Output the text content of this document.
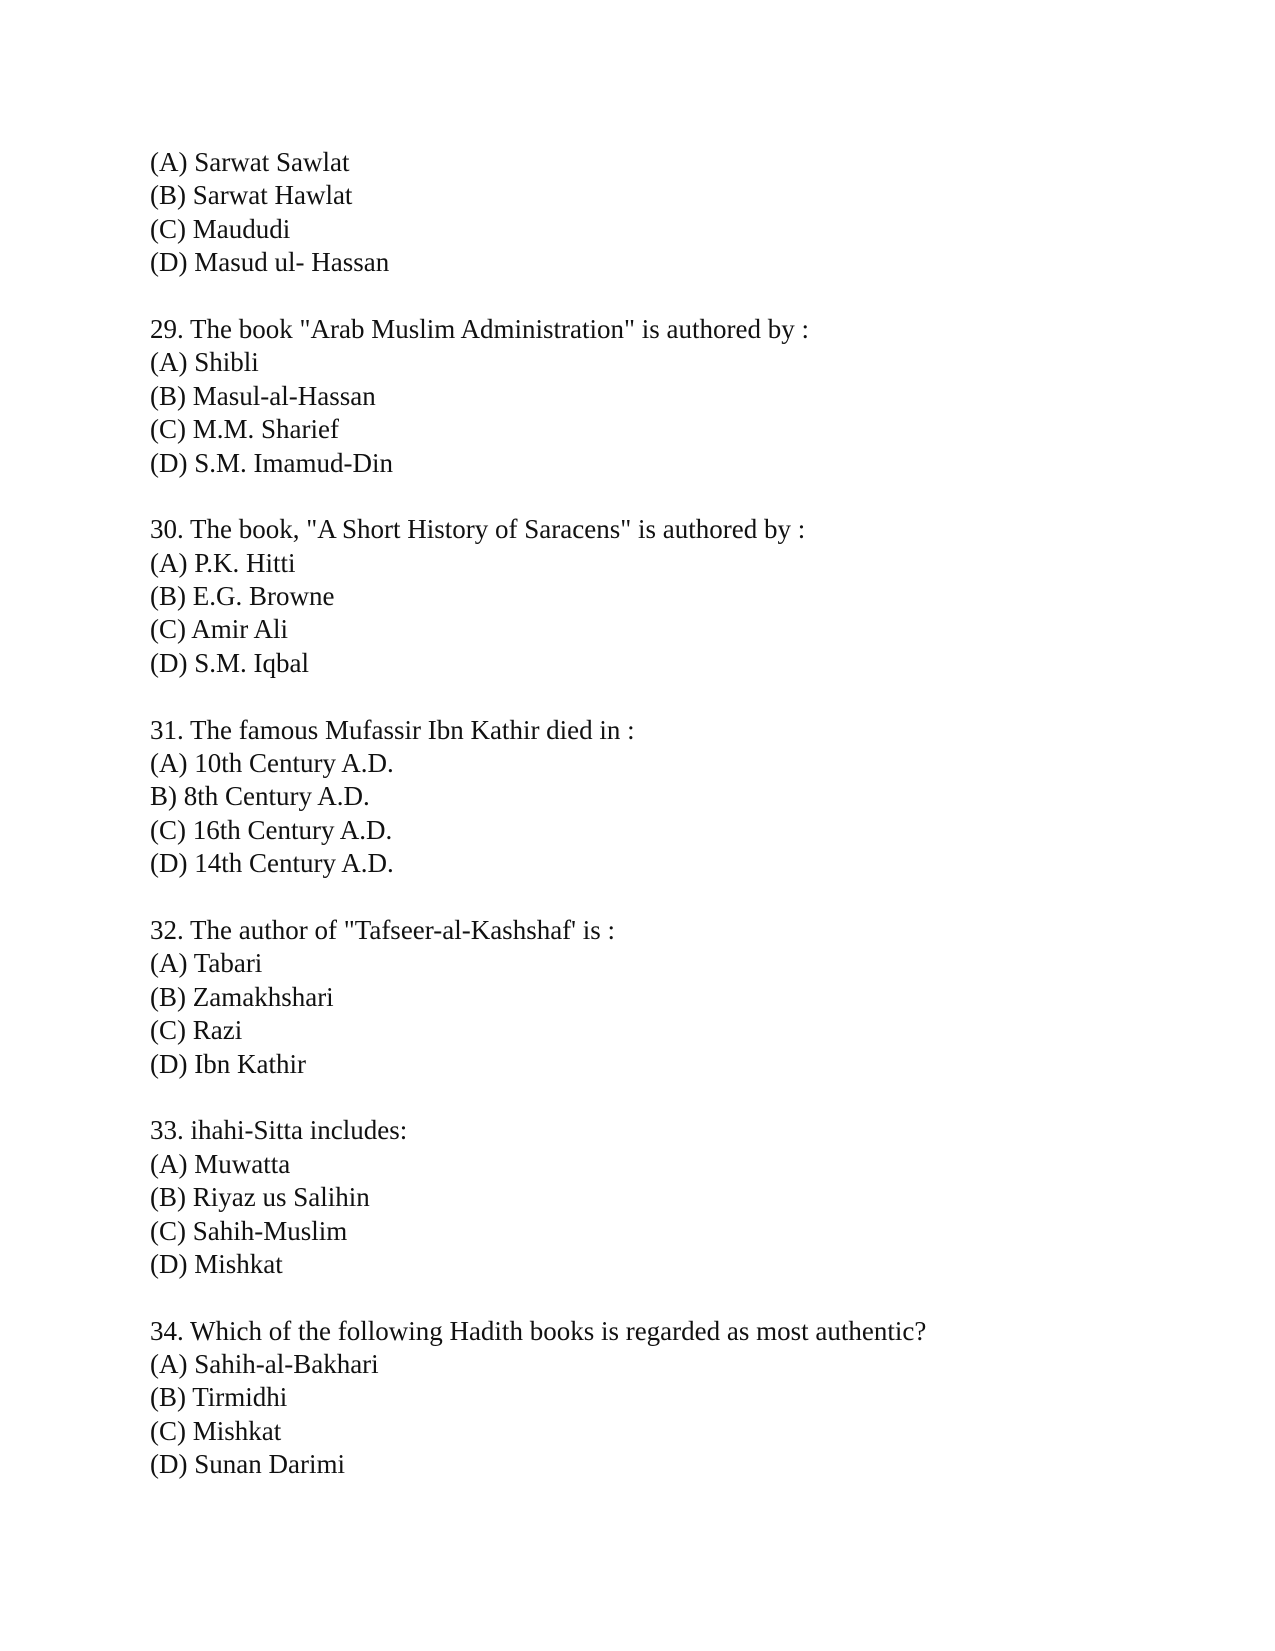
(A) Sarwat Sawlat
(B) Sarwat Hawlat
(C) Maududi
(D) Masud ul- Hassan
29. The book "Arab Muslim Administration" is authored by :
(A) Shibli
(B) Masul-al-Hassan
(C) M.M. Sharief
(D) S.M. Imamud-Din
30. The book, "A Short History of Saracens" is authored by :
(A) P.K. Hitti
(B) E.G. Browne
(C) Amir Ali
(D) S.M. Iqbal
31. The famous Mufassir Ibn Kathir died in :
(A) 10th Century A.D.
B) 8th Century A.D.
(C) 16th Century A.D.
(D) 14th Century A.D.
32. The author of "Tafseer-al-Kashshaf' is :
(A) Tabari
(B) Zamakhshari
(C) Razi
(D) Ibn Kathir
33. ihahi-Sitta includes:
(A) Muwatta
(B) Riyaz us Salihin
(C) Sahih-Muslim
(D) Mishkat
34. Which of the following Hadith books is regarded as most authentic?
(A) Sahih-al-Bakhari
(B) Tirmidhi
(C) Mishkat
(D) Sunan Darimi
